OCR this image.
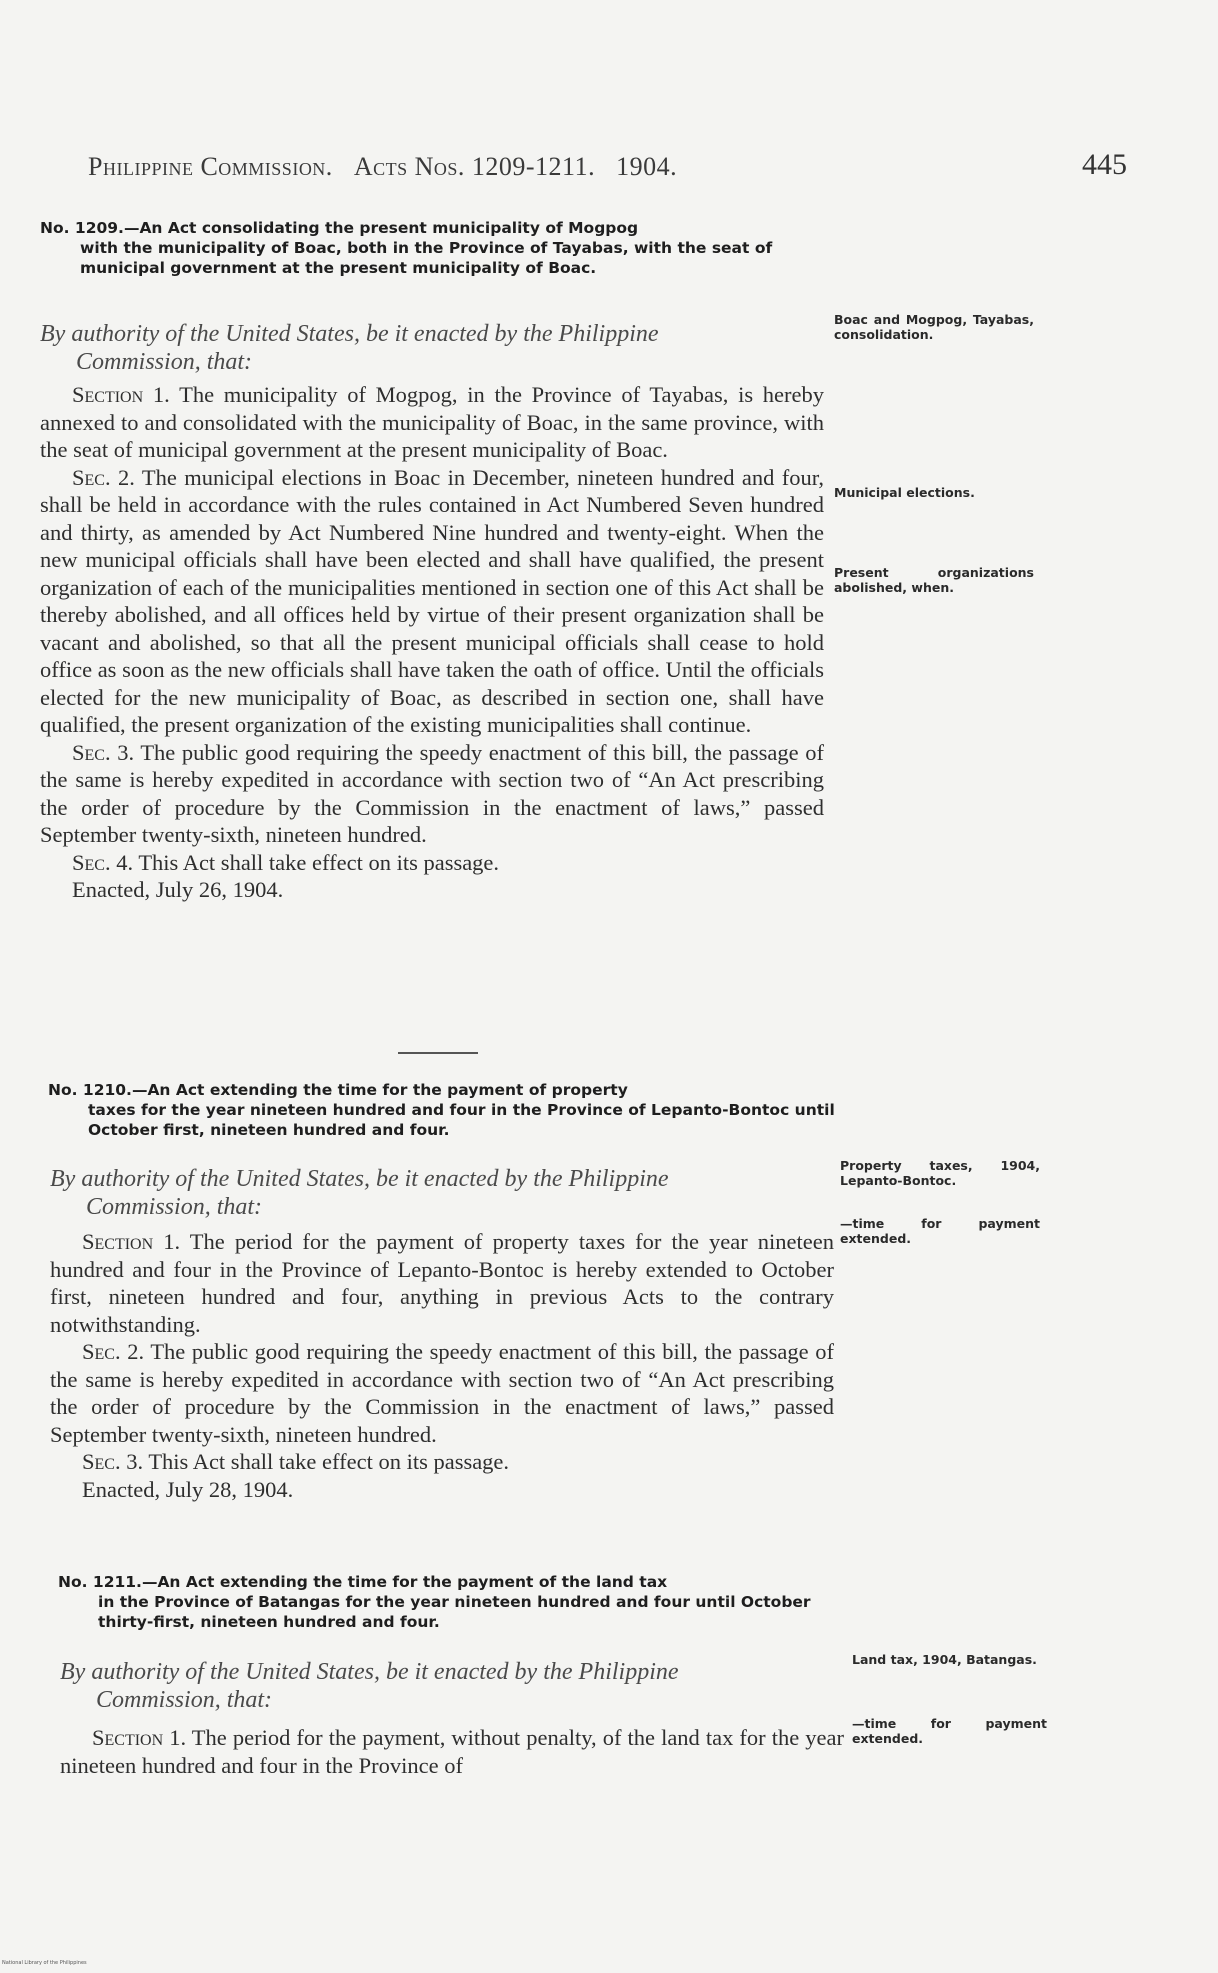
Philippine Commission. Acts Nos. 1209-1211. 1904.	445
No. 1209.—An Act consolidating the present municipality of Mogpog
with the municipality of Boac, both in the Province of Tayabas, with the seat of municipal government at the present municipality of Boac.
By authority of the United States, be it enacted by the Philippine
Commission, that:
Boac and Mogpog, Tayabas, consolidation.
Municipal elections.
Present organizations abolished, when.

Section 1. The municipality of Mogpog, in the Province of Tayabas, is hereby annexed to and consolidated with the municipality of Boac, in the same province, with the seat of municipal government at the present municipality of Boac.

Sec. 2. The municipal elections in Boac in December, nineteen hundred and four, shall be held in accordance with the rules contained in Act Numbered Seven hundred and thirty, as amended by Act Numbered Nine hundred and twenty-eight. When the new municipal officials shall have been elected and shall have qualified, the present organization of each of the municipalities mentioned in section one of this Act shall be thereby abolished, and all offices held by virtue of their present organization shall be vacant and abolished, so that all the present municipal officials shall cease to hold office as soon as the new officials shall have taken the oath of office. Until the officials elected for the new municipality of Boac, as described in section one, shall have qualified, the present organization of the existing municipalities shall continue.

Sec. 3. The public good requiring the speedy enactment of this bill, the passage of the same is hereby expedited in accordance with section two of “An Act prescribing the order of procedure by the Commission in the enactment of laws,” passed September twenty-sixth, nineteen hundred.

Sec. 4. This Act shall take effect on its passage.

Enacted, July 26, 1904.

No. 1210.—An Act extending the time for the payment of property
taxes for the year nineteen hundred and four in the Province of Lepanto-Bontoc until October first, nineteen hundred and four.
By authority of the United States, be it enacted by the Philippine
Commission, that:
Property taxes, 1904, Lepanto-Bontoc.
—time for payment extended.

Section 1. The period for the payment of property taxes for the year nineteen hundred and four in the Province of Lepanto-Bontoc is hereby extended to October first, nineteen hundred and four, anything in previous Acts to the contrary notwithstanding.

Sec. 2. The public good requiring the speedy enactment of this bill, the passage of the same is hereby expedited in accordance with section two of “An Act prescribing the order of procedure by the Commission in the enactment of laws,” passed September twenty-sixth, nineteen hundred.

Sec. 3. This Act shall take effect on its passage.

Enacted, July 28, 1904.

No. 1211.—An Act extending the time for the payment of the land tax
in the Province of Batangas for the year nineteen hundred and four until October thirty-first, nineteen hundred and four.
By authority of the United States, be it enacted by the Philippine
Commission, that:
Land tax, 1904, Batangas.
—time for payment extended.

Section 1. The period for the payment, without penalty, of the land tax for the year nineteen hundred and four in the Province of

National Library of the Philippines
